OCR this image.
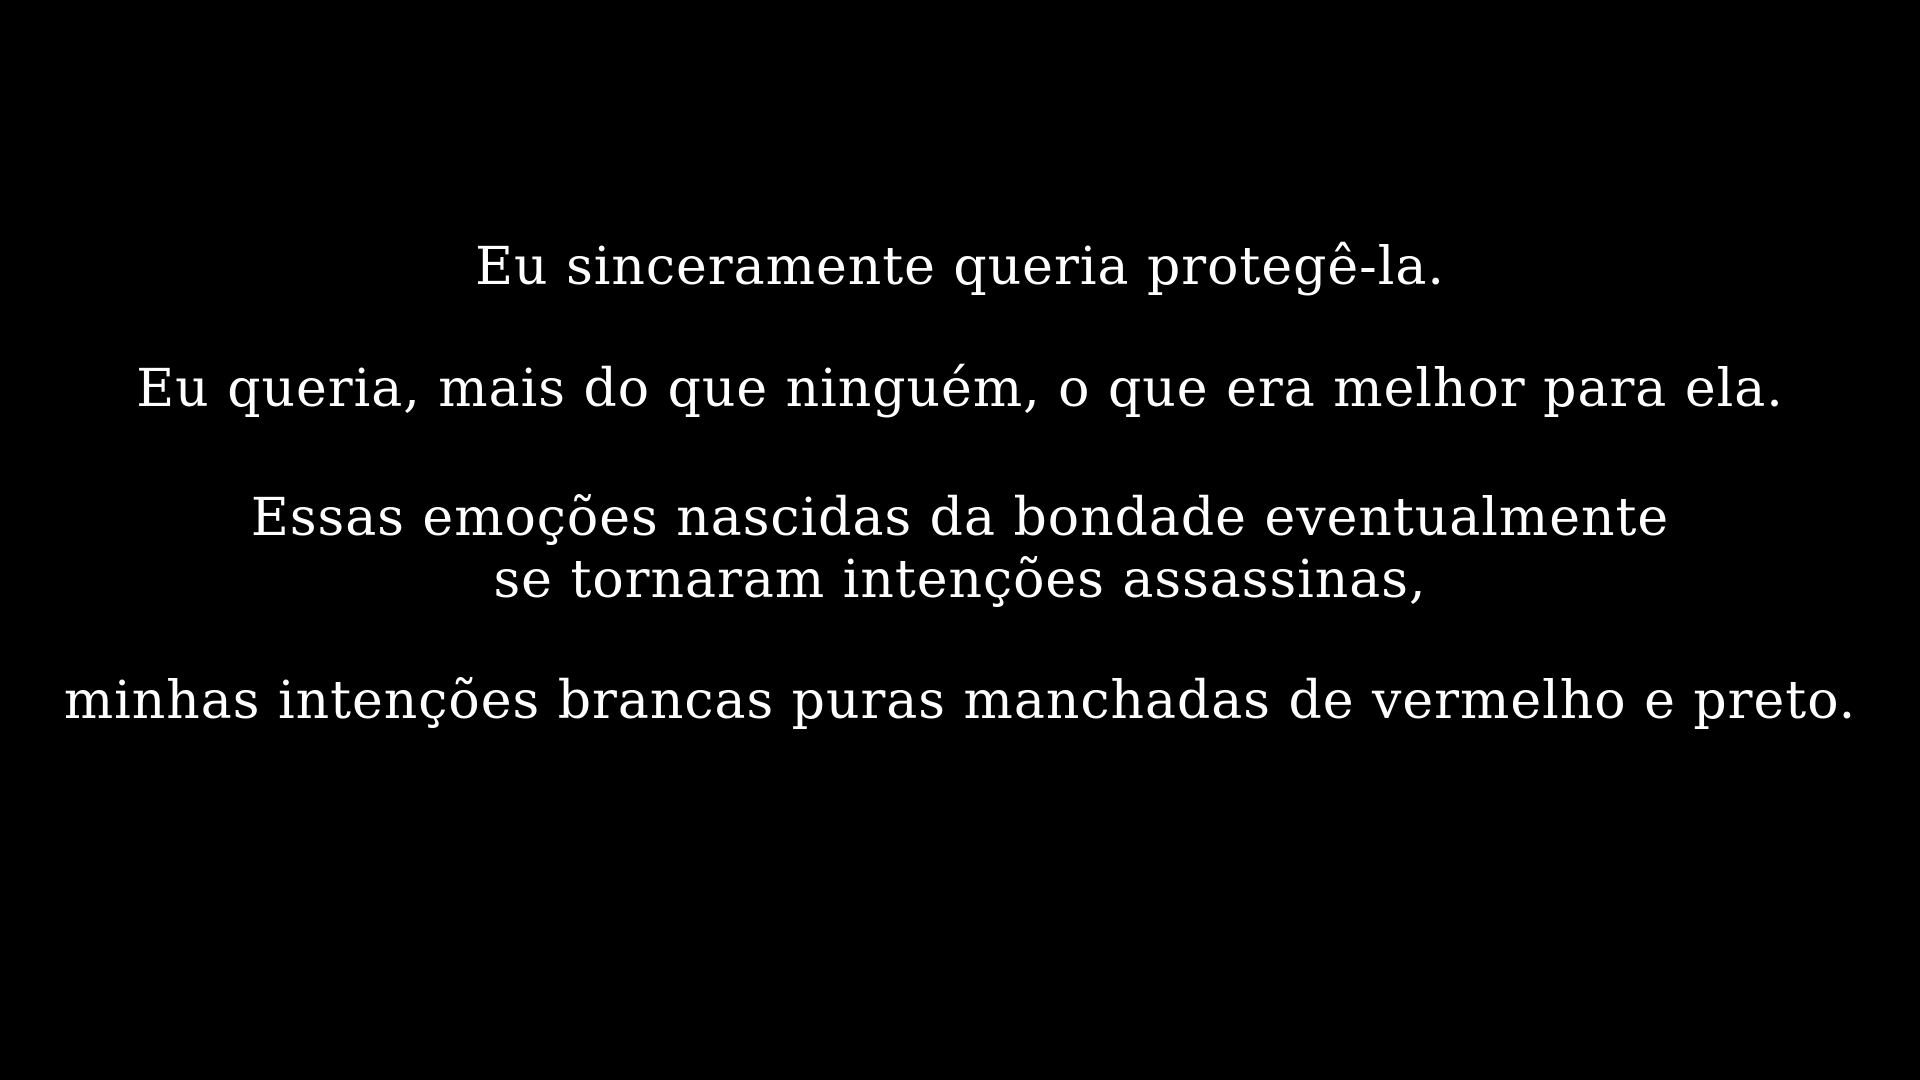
Eu sinceramente queria protegê-la.
Eu queria, mais do que ninguém, o que era melhor para ela.
Essas emoções nascidas da bondade eventualmente
se tornaram intenções assassinas,
minhas intenções brancas puras manchadas de vermelho e preto.
